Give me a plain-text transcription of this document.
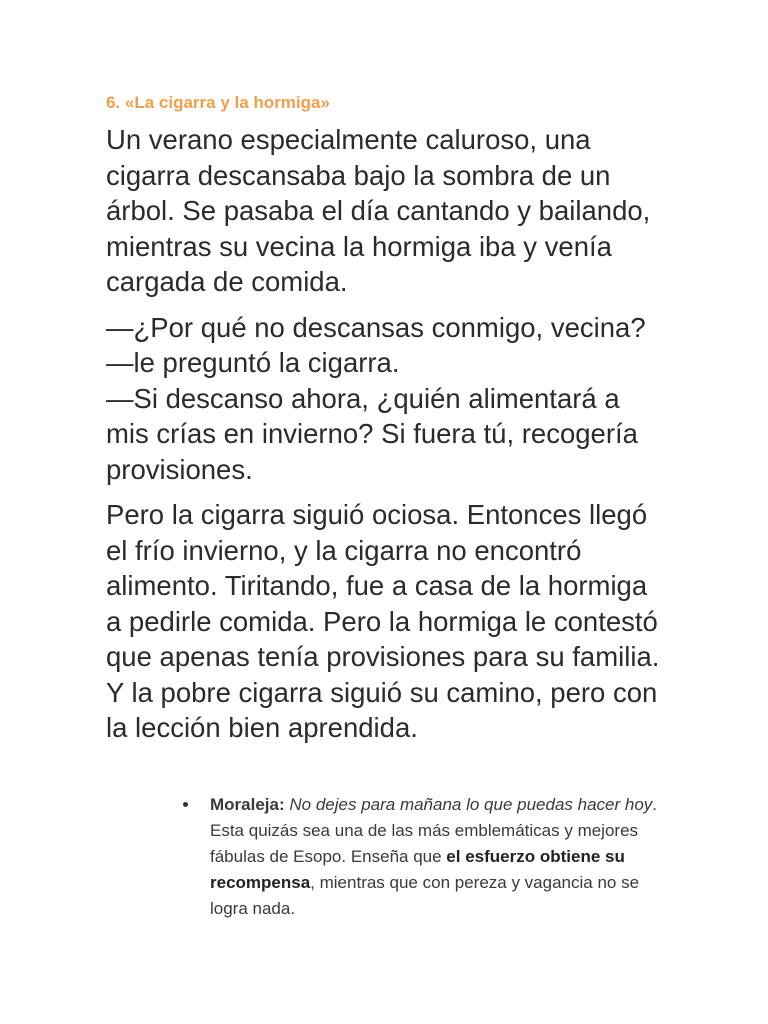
6. «La cigarra y la hormiga»

Un verano especialmente caluroso, una cigarra descansaba bajo la sombra de un árbol. Se pasaba el día cantando y bailando, mientras su vecina la hormiga iba y venía cargada de comida.

—¿Por qué no descansas conmigo, vecina? —le preguntó la cigarra.
—Si descanso ahora, ¿quién alimentará a mis crías en invierno? Si fuera tú, recogería provisiones.

Pero la cigarra siguió ociosa. Entonces llegó el frío invierno, y la cigarra no encontró alimento. Tiritando, fue a casa de la hormiga a pedirle comida. Pero la hormiga le contestó que apenas tenía provisiones para su familia. Y la pobre cigarra siguió su camino, pero con la lección bien aprendida.

Moraleja: No dejes para mañana lo que puedas hacer hoy. Esta quizás sea una de las más emblemáticas y mejores fábulas de Esopo. Enseña que el esfuerzo obtiene su recompensa, mientras que con pereza y vagancia no se logra nada.
